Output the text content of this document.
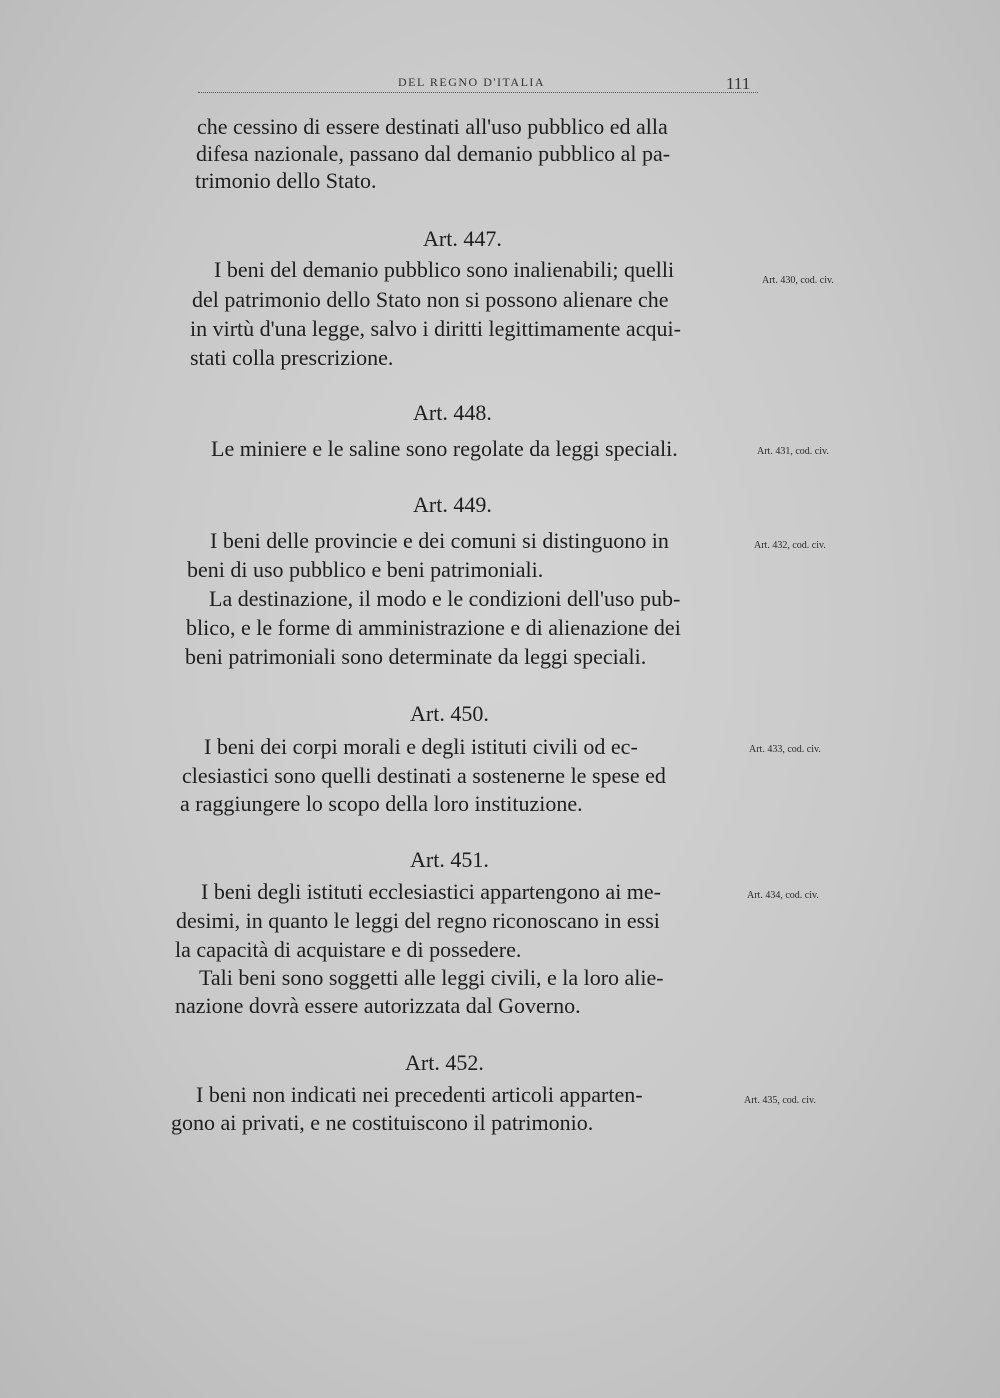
DEL REGNO D'ITALIA	111
che cessino di essere destinati all'uso pubblico ed alla
difesa nazionale, passano dal demanio pubblico al pa-
trimonio dello Stato.
Art. 447.
Art. 430, cod. civ.
I beni del demanio pubblico sono inalienabili; quelli
del patrimonio dello Stato non si possono alienare che
in virtù d'una legge, salvo i diritti legittimamente acqui-
stati colla prescrizione.
Art. 448.
Art. 431, cod. civ.
Le miniere e le saline sono regolate da leggi speciali.
Art. 449.
Art. 432, cod. civ.
I beni delle provincie e dei comuni si distinguono in
beni di uso pubblico e beni patrimoniali.
La destinazione, il modo e le condizioni dell'uso pub-
blico, e le forme di amministrazione e di alienazione dei
beni patrimoniali sono determinate da leggi speciali.
Art. 450.
Art. 433, cod. civ.
I beni dei corpi morali e degli istituti civili od ec-
clesiastici sono quelli destinati a sostenerne le spese ed
a raggiungere lo scopo della loro instituzione.
Art. 451.
Art. 434, cod. civ.
I beni degli istituti ecclesiastici appartengono ai me-
desimi, in quanto le leggi del regno riconoscano in essi
la capacità di acquistare e di possedere.
Tali beni sono soggetti alle leggi civili, e la loro alie-
nazione dovrà essere autorizzata dal Governo.
Art. 452.
Art. 435, cod. civ.
I beni non indicati nei precedenti articoli apparten-
gono ai privati, e ne costituiscono il patrimonio.
